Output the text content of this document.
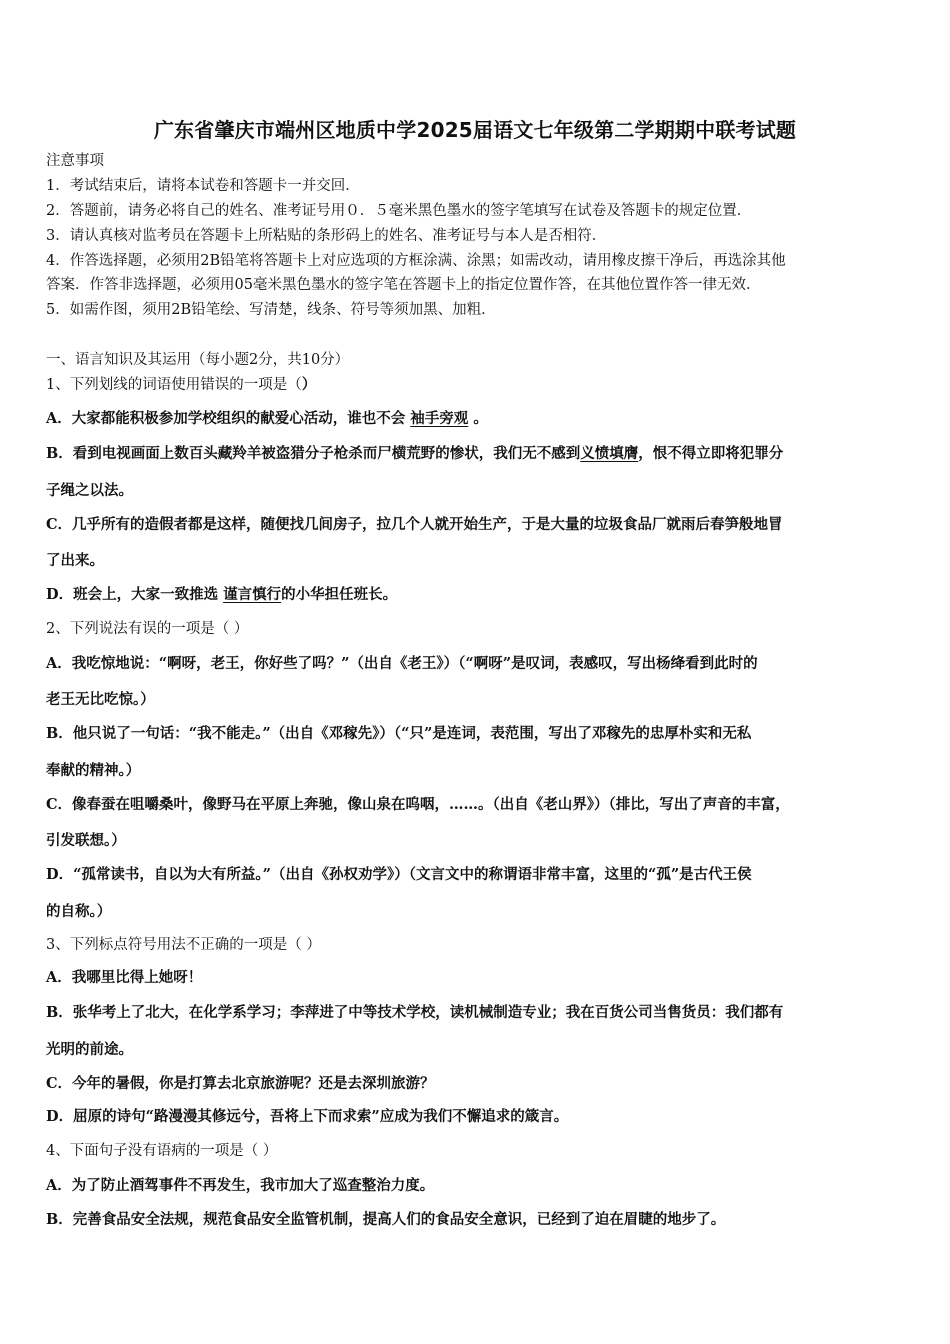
广东省肇庆市端州区地质中学2025届语文七年级第二学期期中联考试题
注意事项
1．考试结束后，请将本试卷和答题卡一并交回．
2．答题前，请务必将自己的姓名、准考证号用０．５毫米黑色墨水的签字笔填写在试卷及答题卡的规定位置．
3．请认真核对监考员在答题卡上所粘贴的条形码上的姓名、准考证号与本人是否相符．
4．作答选择题，必须用2B铅笔将答题卡上对应选项的方框涂满、涂黑；如需改动，请用橡皮擦干净后，再选涂其他
答案．作答非选择题，必须用05毫米黑色墨水的签字笔在答题卡上的指定位置作答，在其他位置作答一律无效．
5．如需作图，须用2B铅笔绘、写清楚，线条、符号等须加黑、加粗．
一、语言知识及其运用（每小题2分，共10分）
1、下列划线的词语使用错误的一项是（）
A．大家都能积极参加学校组织的献爱心活动，谁也不会 袖手旁观 。
B．看到电视画面上数百头藏羚羊被盗猎分子枪杀而尸横荒野的惨状，我们无不感到义愤填膺，恨不得立即将犯罪分
子绳之以法。
C．几乎所有的造假者都是这样，随便找几间房子，拉几个人就开始生产，于是大量的垃圾食品厂就雨后春笋般地冒
了出来。
D．班会上，大家一致推选 谨言慎行的小华担任班长。
2、下列说法有误的一项是（ ）
A．我吃惊地说：“啊呀，老王，你好些了吗？”（出自《老王》）（“啊呀”是叹词，表感叹，写出杨绛看到此时的
老王无比吃惊。）
B．他只说了一句话：“我不能走。”（出自《邓稼先》）（“只”是连词，表范围，写出了邓稼先的忠厚朴实和无私
奉献的精神。）
C．像春蚕在咀嚼桑叶，像野马在平原上奔驰，像山泉在呜咽，……。（出自《老山界》）（排比，写出了声音的丰富，
引发联想。）
D．“孤常读书，自以为大有所益。”（出自《孙权劝学》）（文言文中的称谓语非常丰富，这里的“孤”是古代王侯
的自称。）
3、下列标点符号用法不正确的一项是（ ）
A．我哪里比得上她呀！
B．张华考上了北大，在化学系学习；李萍进了中等技术学校，读机械制造专业；我在百货公司当售货员：我们都有
光明的前途。
C．今年的暑假，你是打算去北京旅游呢？还是去深圳旅游？
D．屈原的诗句“路漫漫其修远兮，吾将上下而求索”应成为我们不懈追求的箴言。
4、下面句子没有语病的一项是（ ）
A．为了防止酒驾事件不再发生，我市加大了巡查整治力度。
B．完善食品安全法规，规范食品安全监管机制，提高人们的食品安全意识，已经到了迫在眉睫的地步了。
